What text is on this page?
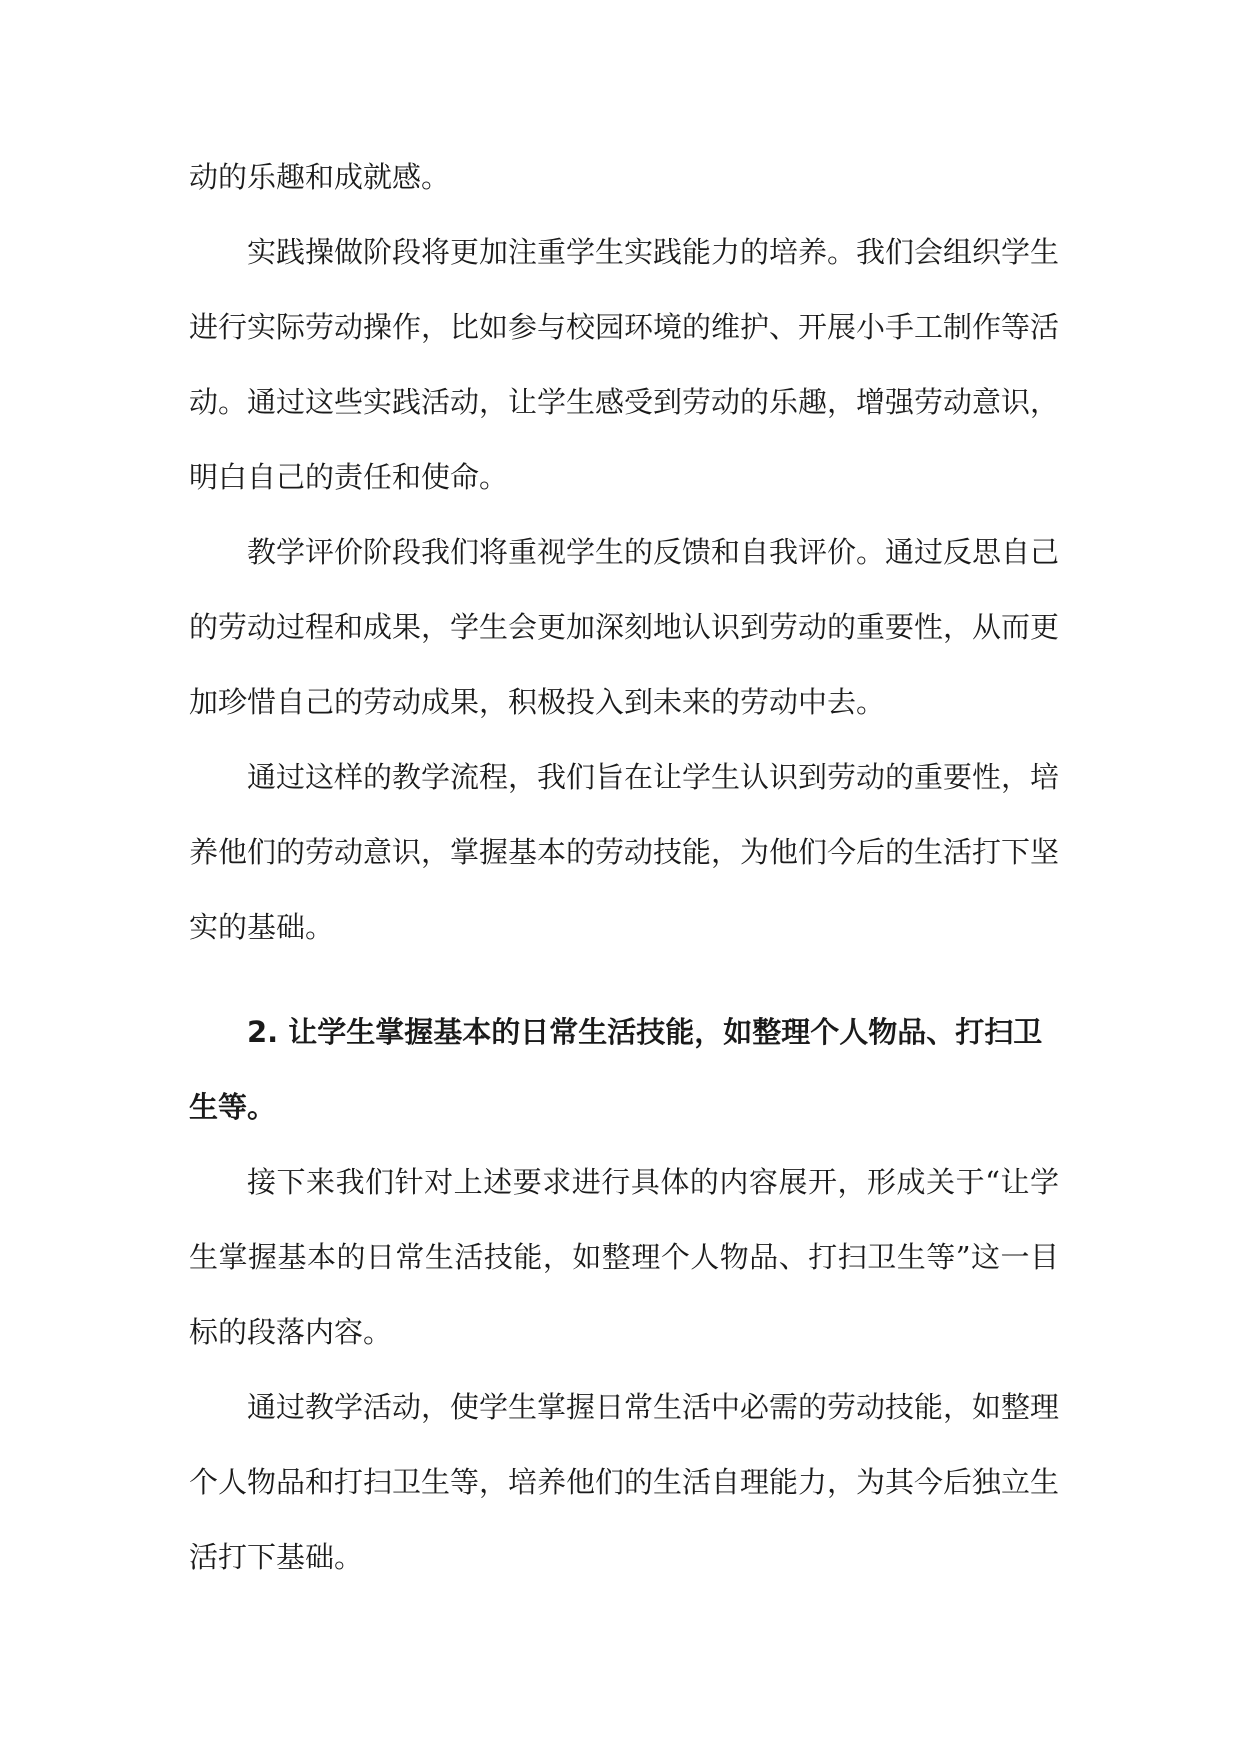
动的乐趣和成就感。

实践操做阶段将更加注重学生实践能力的培养。我们会组织学生进行实际劳动操作，比如参与校园环境的维护、开展小手工制作等活动。通过这些实践活动，让学生感受到劳动的乐趣，增强劳动意识，明白自己的责任和使命。

教学评价阶段我们将重视学生的反馈和自我评价。通过反思自己的劳动过程和成果，学生会更加深刻地认识到劳动的重要性，从而更加珍惜自己的劳动成果，积极投入到未来的劳动中去。

通过这样的教学流程，我们旨在让学生认识到劳动的重要性，培养他们的劳动意识，掌握基本的劳动技能，为他们今后的生活打下坚实的基础。

2. 让学生掌握基本的日常生活技能，如整理个人物品、打扫卫生等。

接下来我们针对上述要求进行具体的内容展开，形成关于“让学生掌握基本的日常生活技能，如整理个人物品、打扫卫生等”这一目标的段落内容。

通过教学活动，使学生掌握日常生活中必需的劳动技能，如整理个人物品和打扫卫生等，培养他们的生活自理能力，为其今后独立生活打下基础。
